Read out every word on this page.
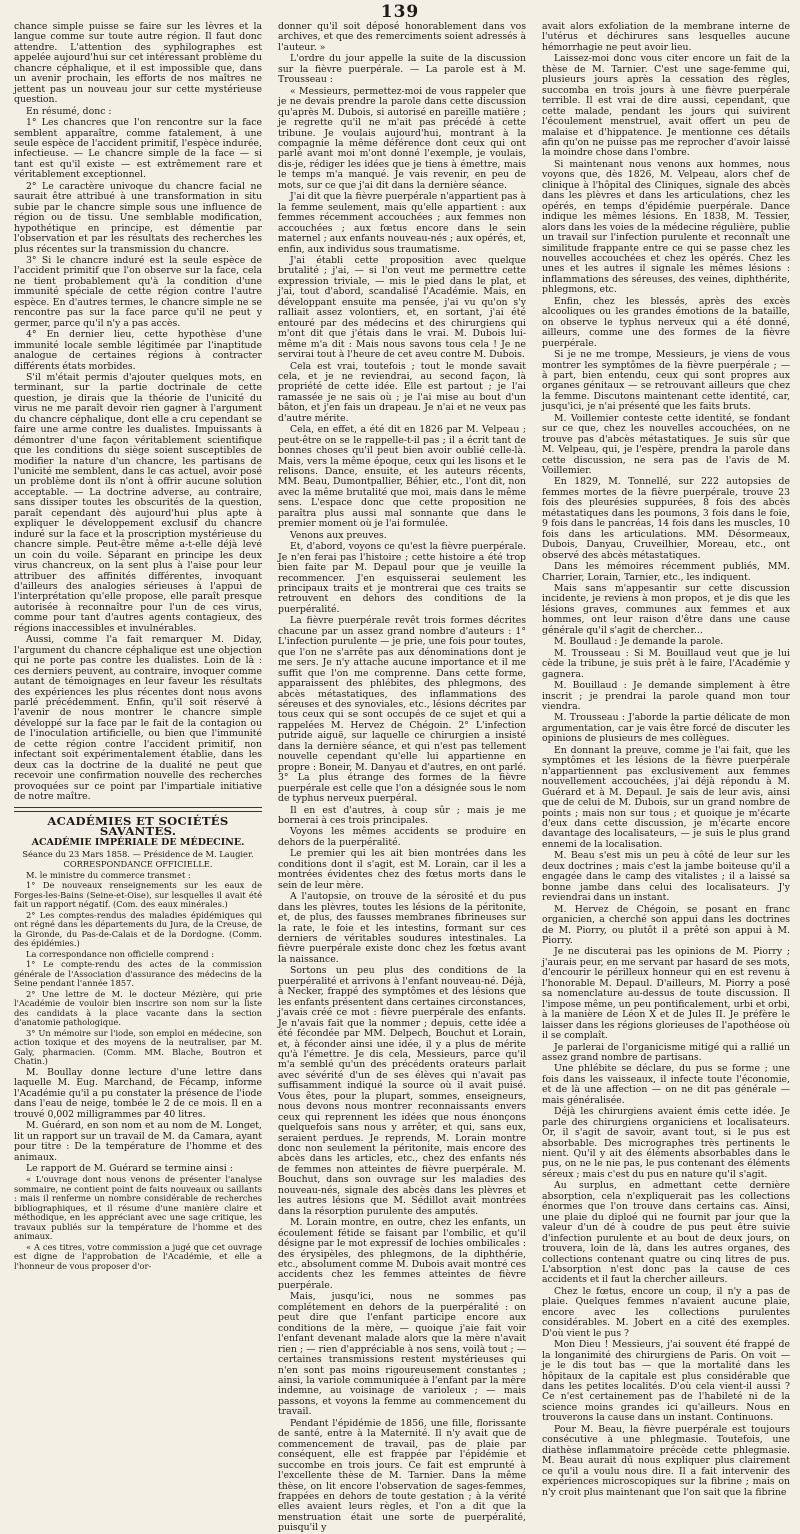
139

chance simple puisse se faire sur les lèvres et la langue comme sur toute autre région. Il faut donc attendre. L'attention des syphilographes est appelée aujourd'hui sur cet intéressant problème du chancre céphalique, et il est impossible que, dans un avenir prochain, les efforts de nos maîtres ne jettent pas un nouveau jour sur cette mystérieuse question.

En résumé, donc :

1° Les chancres que l'on rencontre sur la face semblent apparaître, comme fatalement, à une seule espèce de l'accident primitif, l'espèce indurée, infectieuse. — Le chancre simple de la face — si tant est qu'il existe — est extrêmement rare et véritablement exceptionnel.

2° Le caractère univoque du chancre facial ne saurait être attribué à une transformation in situ subie par le chancre simple sous une influence de région ou de tissu. Une semblable modification, hypothétique en principe, est démentie par l'observation et par les résultats des recherches les plus récentes sur la transmission du chancre.

3° Si le chancre induré est la seule espèce de l'accident primitif que l'on observe sur la face, cela ne tient probablement qu'à la condition d'une immunité spéciale de cette région contre l'autre espèce. En d'autres termes, le chancre simple ne se rencontre pas sur la face parce qu'il ne peut y germer, parce qu'il n'y a pas accès.

4° En dernier lieu, cette hypothèse d'une immunité locale semble légitimée par l'inaptitude analogue de certaines régions à contracter différents états morbides.

S'il m'était permis d'ajouter quelques mots, en terminant, sur la partie doctrinale de cette question, je dirais que la théorie de l'unicité du virus ne me paraît devoir rien gagner à l'argument du chancre céphalique, dont elle a cru cependant se faire une arme contre les dualistes. Impuissants à démontrer d'une façon véritablement scientifique que les conditions du siège soient susceptibles de modifier la nature d'un chancre, les partisans de l'unicité me semblent, dans le cas actuel, avoir posé un problème dont ils n'ont à offrir aucune solution acceptable. — La doctrine adverse, au contraire, sans dissiper toutes les obscurités de la question, paraît cependant dès aujourd'hui plus apte à expliquer le développement exclusif du chancre induré sur la face et la proscription mystérieuse du chancre simple. Peut-être même a-t-elle déjà levé un coin du voile. Séparant en principe les deux virus chancreux, on la sent plus à l'aise pour leur attribuer des affinités différentes, invoquant d'ailleurs des analogies sérieuses à l'appui de l'interprétation qu'elle propose, elle paraît presque autorisée à reconnaître pour l'un de ces virus, comme pour tant d'autres agents contagieux, des régions inaccessibles et invulnérables.

Aussi, comme l'a fait remarquer M. Diday, l'argument du chancre céphalique est une objection qui ne porte pas contre les dualistes. Loin de là : ces derniers peuvent, au contraire, invoquer comme autant de témoignages en leur faveur les résultats des expériences les plus récentes dont nous avons parlé précédemment. Enfin, qu'il soit réservé à l'avenir de nous montrer le chancre simple développé sur la face par le fait de la contagion ou de l'inoculation artificielle, ou bien que l'immunité de cette région contre l'accident primitif, non infectant soit expérimentalement établie, dans les deux cas la doctrine de la dualité ne peut que recevoir une confirmation nouvelle des recherches provoquées sur ce point par l'impartiale initiative de notre maître.

ACADÉMIES ET SOCIÉTÉS SAVANTES.
ACADÉMIE IMPÉRIALE DE MÉDECINE.

Séance du 23 Mars 1858. — Présidence de M. Laugier.

CORRESPONDANCE OFFICIELLE.

M. le ministre du commerce transmet :

1° De nouveaux renseignements sur les eaux de Forges-les-Bains (Seine-et-Oise), sur lesquelles il avait été fait un rapport négatif. (Com. des eaux minérales.)

2° Les comptes-rendus des maladies épidémiques qui ont régné dans les départements du Jura, de la Creuse, de la Gironde, du Pas-de-Calais et de la Dordogne. (Comm. des épidémies.)

La correspondance non officielle comprend :

1° Le compte-rendu des actes de la commission générale de l'Association d'assurance des médecins de la Seine pendant l'année 1857.

2° Une lettre de M. le docteur Mézière, qui prie l'Académie de vouloir bien inscrire son nom sur la liste des candidats à la place vacante dans la section d'anatomie pathologique.

3° Un mémoire sur l'iode, son emploi en médecine, son action toxique et des moyens de la neutraliser, par M. Galy, pharmacien. (Comm. MM. Blache, Boutron et Chatin.)

M. Boullay donne lecture d'une lettre dans laquelle M. Eug. Marchand, de Fécamp, informe l'Académie qu'il a pu constater la présence de l'iode dans l'eau de neige, tombée le 2 de ce mois. Il en a trouvé 0,002 milligrammes par 40 litres.

M. Guérard, en son nom et au nom de M. Longet, lit un rapport sur un travail de M. da Camara, ayant pour titre : De la température de l'homme et des animaux.

Le rapport de M. Guérard se termine ainsi :

« L'ouvrage dont nous venons de présenter l'analyse sommaire, ne contient point de faits nouveaux ou saillants : mais il renferme un nombre considérable de recherches bibliographiques, et il résume d'une manière claire et méthodique, en les appréciant avec une sage critique, les travaux publiés sur la température de l'homme et des animaux.

« A ces titres, votre commission a jugé que cet ouvrage est digne de l'approbation de l'Académie, et elle a l'honneur de vous proposer d'or-

donner qu'il soit déposé honorablement dans vos archives, et que des remerciments soient adressés à l'auteur. »

L'ordre du jour appelle la suite de la discussion sur la fièvre puerpérale. — La parole est à M. Trousseau :

« Messieurs, permettez-moi de vous rappeler que je ne devais prendre la parole dans cette discussion qu'après M. Dubois, si autorisé en pareille matière ; je regrette qu'il ne m'ait pas précédé à cette tribune. Je voulais aujourd'hui, montrant à la compagnie la même déférence dont ceux qui ont parlé avant moi m'ont donné l'exemple, je voulais, dis-je, rédiger les idées que je tiens à émettre, mais le temps m'a manqué. Je vais revenir, en peu de mots, sur ce que j'ai dit dans la dernière séance.

J'ai dit que la fièvre puerpérale n'appartient pas à la femme seulement, mais qu'elle appartient : aux femmes récemment accouchées ; aux femmes non accouchées ; aux fœtus encore dans le sein maternel ; aux enfants nouveau-nés ; aux opérés, et, enfin, aux individus sous traumatisme.

J'ai établi cette proposition avec quelque brutalité ; j'ai, — si l'on veut me permettre cette expression triviale, — mis le pied dans le plat, et j'ai, tout d'abord, scandalisé l'Académie. Mais, en développant ensuite ma pensée, j'ai vu qu'on s'y ralliait assez volontiers, et, en sortant, j'ai été entouré par des médecins et des chirurgiens qui m'ont dit que j'étais dans le vrai. M. Dubois lui-même m'a dit : Mais nous savons tous cela ! Je ne servirai tout à l'heure de cet aveu contre M. Dubois.

Cela est vrai, toutefois ; tout le monde savait cela, et je ne reviendrai, au second façon, là propriété de cette idée. Elle est partout ; je l'ai ramassée je ne sais où ; je l'ai mise au bout d'un bâton, et j'en fais un drapeau. Je n'ai et ne veux pas d'autre mérite.

Cela, en effet, a été dit en 1826 par M. Velpeau ; peut-être on se le rappelle-t-il pas ; il a écrit tant de bonnes choses qu'il peut bien avoir oublié celle-là. Mais, vers la même époque, ceux qui les lisons et le relisons. Dance, ensuite, et les auteurs récents, MM. Beau, Dumontpallier, Béhier, etc., l'ont dit, non avec la même brutalité que moi, mais dans le même sens. L'espace donc que cette proposition ne paraîtra plus aussi mal sonnante que dans le premier moment où je l'ai formulée.

Venons aux preuves.

Et, d'abord, voyons ce qu'est la fièvre puerpérale. Je n'en ferai pas l'histoire ; cette histoire a été trop bien faite par M. Depaul pour que je veuille la recommencer. J'en esquisserai seulement les principaux traits et je montrerai que ces traits se retrouvent en dehors des conditions de la puerpéralité.

La fièvre puerpérale revêt trois formes décrites chacune par un assez grand nombre d'auteurs : 1° L'infection purulente — je prie, une fois pour toutes, que l'on ne s'arrête pas aux dénominations dont je me sers. Je n'y attache aucune importance et il me suffit que l'on me comprenne. Dans cette forme, apparaissent des phlébites, des phlegmons, des abcès métastatiques, des inflammations des séreuses et des synoviales, etc., lésions décrites par tous ceux qui se sont occupés de ce sujet et qui a rappelées M. Hervez de Chégoin. 2° L'infection putride aiguë, sur laquelle ce chirurgien a insisté dans la dernière séance, et qui n'est pas tellement nouvelle cependant qu'elle lui appartienne en propre : Boneir, M. Danyau et d'autres, en ont parlé. 3° La plus étrange des formes de la fièvre puerpérale est celle que l'on a désignée sous le nom de typhus nerveux puerpéral.

Il en est d'autres, à coup sûr ; mais je me bornerai à ces trois principales.

Voyons les mêmes accidents se produire en dehors de la puerpéralité.

Le premier qui les ait bien montrées dans les conditions dont il s'agit, est M. Lorain, car il les a montrées évidentes chez des fœtus morts dans le sein de leur mère.

A l'autopsie, on trouve de la sérosité et du pus dans les plèvres, toutes les lésions de la péritonite, et, de plus, des fausses membranes fibrineuses sur la rate, le foie et les intestins, formant sur ces derniers de véritables soudures intestinales. La fièvre puerpérale existe donc chez les fœtus avant la naissance.

Sortons un peu plus des conditions de la puerpéralité et arrivons à l'enfant nouveau-né. Déjà, à Necker, frappé des symptômes et des lésions que les enfants présentent dans certaines circonstances, j'avais créé ce mot : fièvre puerpérale des enfants. Je n'avais fait que la nommer ; depuis, cette idée a été fécondée par MM. Delpech, Bouchut et Lorain, et, à féconder ainsi une idée, il y a plus de mérite qu'à l'émettre. Je dis cela, Messieurs, parce qu'il m'a semblé qu'un des précédents orateurs parlait avec sévérité d'un de ses élèves qui n'avait pas suffisamment indiqué la source où il avait puisé. Vous êtes, pour la plupart, sommes, enseigneurs, nous devons nous montrer reconnaissants envers ceux qui reprennent les idées que nous énonçons quelquefois sans nous y arrêter, et qui, sans eux, seraient perdues. Je reprends, M. Lorain montre donc non seulement la péritonite, mais encore des abcès dans les articles, etc., chez des enfants nés de femmes non atteintes de fièvre puerpérale. M. Bouchut, dans son ouvrage sur les maladies des nouveau-nés, signale des abcès dans les plèvres et les autres lésions que M. Sédillot avait montrées dans la résorption purulente des amputés.

M. Lorain montre, en outre, chez les enfants, un écoulement fétide se faisant par l'ombilic, et qu'il désigne par le mot expressif de lochies ombilicales : des érysipèles, des phlegmons, de la diphthérie, etc., absolument comme M. Dubois avait montré ces accidents chez les femmes atteintes de fièvre puerpérale.

Mais, jusqu'ici, nous ne sommes pas complétement en dehors de la puerpéralité : on peut dire que l'enfant participe encore aux conditions de la mère, — quoique j'aie fait voir l'enfant devenant malade alors que la mère n'avait rien ; — rien d'appréciable à nos sens, voilà tout ; — certaines transmissions restent mystérieuses qui n'en sont pas moins rigoureusement constantes ; ainsi, la variole communiquée à l'enfant par la mère indemne, au voisinage de varioleux ; — mais passons, et voyons la femme au commencement du travail.

Pendant l'épidémie de 1856, une fille, florissante de santé, entre à la Maternité. Il n'y avait que de commencement de travail, pas de plaie par conséquent, elle est frappée par l'épidémie et succombe en trois jours. Ce fait est emprunté à l'excellente thèse de M. Tarnier. Dans la même thèse, on lit encore l'observation de sages-femmes, frappées en dehors de toute gestation ; à la vérité elles avaient leurs règles, et l'on a dit que la menstruation était une sorte de puerpéralité, puisqu'il y

avait alors exfoliation de la membrane interne de l'utérus et déchirures sans lesquelles aucune hémorrhagie ne peut avoir lieu.

Laissez-moi donc vous citer encore un fait de la thèse de M. Tarnier. C'est une sage-femme qui, plusieurs jours après la cessation des règles, succomba en trois jours à une fièvre puerpérale terrible. Il est vrai de dire aussi, cependant, que cette malade, pendant les jours qui suivirent l'écoulement menstruel, avait offert un peu de malaise et d'hippatence. Je mentionne ces détails afin qu'on ne puisse pas me reprocher d'avoir laissé la moindre chose dans l'ombre.

Si maintenant nous venons aux hommes, nous voyons que, dès 1826, M. Velpeau, alors chef de clinique à l'hôpital des Cliniques, signale des abcès dans les plèvres et dans les articulations, chez les opérés, en temps d'épidémie puerpérale. Dance indique les mêmes lésions. En 1838, M. Tessier, alors dans les voies de la médecine régulière, publie un travail sur l'infection purulente et reconnaît une similitude frappante entre ce qui se passe chez les nouvelles accouchées et chez les opérés. Chez les unes et les autres il signale les mêmes lésions : inflammations des séreuses, des veines, diphthérite, phlegmons, etc.

Enfin, chez les blessés, après des excès alcooliques ou les grandes émotions de la bataille, on observe le typhus nerveux qui a été donné, ailleurs, comme une des formes de la fièvre puerpérale.

Si je ne me trompe, Messieurs, je viens de vous montrer les symptômes de la fièvre puerpérale ; — à part, bien entendu, ceux qui sont propres aux organes génitaux — se retrouvant ailleurs que chez la femme. Discutons maintenant cette identité, car, jusqu'ici, je n'ai présenté que les faits bruts.

M. Voillemier conteste cette identité, se fondant sur ce que, chez les nouvelles accouchées, on ne trouve pas d'abcès métastatiques. Je suis sûr que M. Velpeau, qui, je l'espère, prendra la parole dans cette discussion, ne sera pas de l'avis de M. Voillemier.

En 1829, M. Tonnellé, sur 222 autopsies de femmes mortes de la fièvre puerpérale, trouve 23 fois des pleurésies suppurées, 8 fois des abcès métastatiques dans les poumons, 3 fois dans le foie, 9 fois dans le pancréas, 14 fois dans les muscles, 10 fois dans les articulations. MM. Désormeaux, Dubois, Danyau, Cruveilhier, Moreau, etc., ont observé des abcès métastatiques.

Dans les mémoires récemment publiés, MM. Charrier, Lorain, Tarnier, etc., les indiquent.

Mais sans m'appesantir sur cette discussion incidente, je reviens à mon propos, et je dis que les lésions graves, communes aux femmes et aux hommes, ont leur raison d'être dans une cause générale qu'il s'agit de chercher...

M. Boullaud : Je demande la parole.

M. Trousseau : Si M. Bouillaud veut que je lui cède la tribune, je suis prêt à le faire, l'Académie y gagnera.

M. Bouillaud : Je demande simplement à être inscrit ; je prendrai la parole quand mon tour viendra.

M. Trousseau : J'aborde la partie délicate de mon argumentation, car je vais être forcé de discuter les opinions de plusieurs de mes collègues.

En donnant la preuve, comme je l'ai fait, que les symptômes et les lésions de la fièvre puerpérale n'appartiennent pas exclusivement aux femmes nouvellement accouchées, j'ai déjà répondu à M. Guérard et à M. Depaul. Je sais de leur avis, ainsi que de celui de M. Dubois, sur un grand nombre de points ; mais non sur tous ; et quoique je m'écarte d'eux dans cette discussion, je m'écarte encore davantage des localisateurs, — je suis le plus grand ennemi de la localisation.

M. Beau s'est mis un peu à côté de leur sur les deux doctrines ; mais c'est la jambe boiteuse qu'il a engagée dans le camp des vitalistes ; il a laissé sa bonne jambe dans celui des localisateurs. J'y reviendrai dans un instant.

M. Hervez de Chégoin, se posant en franc organicien, a cherché son appui dans les doctrines de M. Piorry, ou plutôt il a prêté son appui à M. Piorry.

Je ne discuterai pas les opinions de M. Piorry ; j'aurais peur, en me servant par hasard de ses mots, d'encourir le périlleux honneur qui en est revenu à l'honorable M. Depaul. D'ailleurs, M. Piorry a posé sa nomenclature au-dessus de toute discussion. Il l'impose même, un peu pontificalement, urbi et orbi, à la manière de Léon X et de Jules II. Je préfère le laisser dans les régions glorieuses de l'apothéose où il se complaît.

Je parlerai de l'organicisme mitigé qui a rallié un assez grand nombre de partisans.

Une phlébite se déclare, du pus se forme ; une fois dans les vaisseaux, il infecte toute l'économie, et de là une affection — on ne dit pas générale — mais généralisée.

Déjà les chirurgiens avaient émis cette idée. Je parle des chirurgiens organiciens et localisateurs. Or, il s'agit de savoir, avant tout, si le pus est absorbable. Des micrographes très pertinents le nient. Qu'il y ait des éléments absorbables dans le pus, on ne le nie pas, le pus contenant des éléments séreux ; mais c'est du pus en nature qu'il s'agit.

Au surplus, en admettant cette dernière absorption, cela n'expliquerait pas les collections énormes que l'on trouve dans certains cas. Ainsi, une plaie du diploé qui ne fournit par jour que la valeur d'un dé à coudre de pus peut être suivie d'infection purulente et au bout de deux jours, on trouvera, loin de là, dans les autres organes, des collections contenant quatre ou cinq litres de pus. L'absorption n'est donc pas la cause de ces accidents et il faut la chercher ailleurs.

Chez le fœtus, encore un coup, il n'y a pas de plaie. Quelques femmes n'avaient aucune plaie, encore avec les collections purulentes considérables. M. Jobert en a cité des exemples. D'où vient le pus ?

Mon Dieu ! Messieurs, j'ai souvent été frappé de la longanimité des chirurgiens de Paris. On voit — je le dis tout bas — que la mortalité dans les hôpitaux de la capitale est plus considérable que dans les petites localités. D'où cela vient-il aussi ? Ce n'est certainement pas de l'habileté ni de la science moins grandes ici qu'ailleurs. Nous en trouverons la cause dans un instant. Continuons.

Pour M. Beau, la fièvre puerpérale est toujours consécutive à une phlegmasie. Toutefois, une diathèse inflammatoire précède cette phlegmasie. M. Beau aurait dû nous expliquer plus clairement ce qu'il a voulu nous dire. Il a fait intervenir des expériences microscopiques sur la fibrine ; mais on n'y croit plus maintenant que l'on sait que la fibrine
